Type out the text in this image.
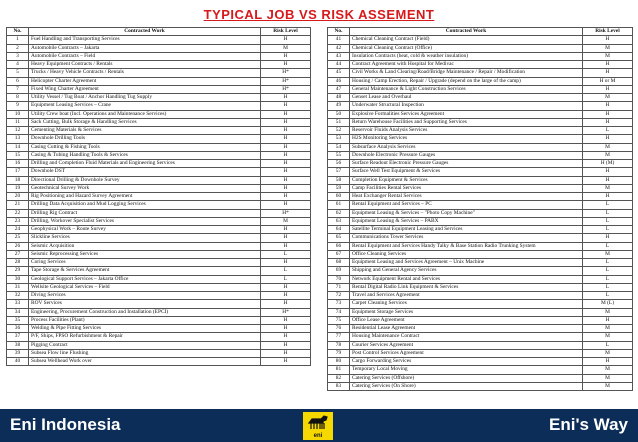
TYPICAL JOB VS RISK ASSEMENT
No.	Contracted Work	Risk Level
1	Fuel Handling and Transporting Services	H
2	Automobile Contracts – Jakarta	M
3	Automobile Contracts – Field	H
4	Heavy Equipment Contracts / Rentals	H
5	Trucks / Heavy Vehicle Contracts / Rentals	H*
6	Helicopter Charter Agreement	H*
7	Fixed Wing Charter Agreement	H*
8	Utility Vessel / Tug Boat / Anchor Handling Tug Supply	H
9	Equipment Leasing Services – Crane	H
10	Utility Crew boat (Incl. Operations and Maintenance Services)	H
11	Sack Cutting, Bulk Storage & Handling Services	H
12	Cementing Materials & Services	H
13	Downhole Drilling Tools	H
14	Casing Cutting & Fishing Tools	H
15	Casing & Tubing Handling Tools & Services	H
16	Drilling and Completion Fluid Materials and Engineering Services	H
17	Downhole DST	H
18	Directional Drilling & Downhole Survey	H
19	Geotechnical Survey Work	H
20	Rig Positioning and Hazard Survey Agreement	H
21	Drilling Data Acquisition and Mud Logging Services	H
22	Drilling Rig Contract	H*
23	Drilling, Workover Specialist Services	M
24	Geophysical Work – Route Survey	H
25	Slickline Services	H
26	Seismic Acquisition	H
27	Seismic Reprocessing Services	L
28	Coring Services	H
29	Tape Storage & Services Agreement	L
30	Geological Support Services – Jakarta Office	L
31	Wellsite Geological Services – Field	H
32	Diving Services	H
33	ROV Services	H
34	Engineering, Procurement Construction and Installation (EPCI)	H*
35	Process Facilities (Plant)	H
36	Welding & Pipe Fitting Services	H
37	P/F, Ships, FPSO Refurbishment & Repair	H
38	Pigging Contract	H
39	Subsea Flow line Flushing	H
40	Subsea Wellhead Work over	H
No.	Contracted Work	Risk Level
41	Chemical Cleaning Contract (Field)	H
42	Chemical Cleaning Contract (Office)	M
43	Insulation Contracts (heat, cold & weather insulation)	M
44	Contract Agreement with Hospital for Medivac	H
45	Civil Works & Land Clearing/Road/Bridge Maintenance / Repair / Modification	H
46	Housing / Camp Erection, Repair / Upgrade (depend on the large of the camp)	H or M
47	General Maintenance & Light Construction Services	H
48	Genset Lease and Overhaul	M
49	Underwater Structural Inspection	H
50	Explosive Formalities Services Agreement	H
51	Return Warehouse Facilities and Supporting Services	H
52	Reservoir Fluids Analysis Services	L
53	H2S Monitoring Services	H
54	Subsurface Analysis Services	M
55	Downhole Electronic Pressure Gauges	M
56	Surface Readout Electronic Pressure Gauges	H (M)
57	Surface Well Test Equipment & Services	H
58	Completion Equipment & Services	H
59	Camp Facilities Rental Services	M
60	Heat Exchanger Rental Services	H
61	Rental Equipment and Services – PC	L
62	Equipment Leasing & Services – "Photo Copy Machine"	L
63	Equipment Leasing & Services – PABX	L
64	Satellite Terminal Equipment Leasing and Services	L
65	Communications Tower Services	H
66	Rental Equipment and Services Handy Talky & Base Station Radio Trunking System	L
67	Office Cleaning Services	M
68	Equipment Leasing and Services Agreement – Unix Machine	L
69	Shipping and General Agency Services	L
70	Network Equipment Rental and Services	L
71	Rental Digital Radio Link Equipment & Services	L
72	Travel and Services Agreement	L
73	Carpet Cleaning Services	M (L)
74	Equipment Storage Services	M
75	Office Lease Agreement	H
76	Residential Lease Agreement	M
77	Housing Maintenance Contract	M
78	Courier Services Agreement	L
79	Post Control Services Agreement	M
80	Cargo Forwarding Services	H
81	Temporary Local Moving	M
82	Catering Services (Offshore)	M
83	Catering Services (On Shore)	M
Eni Indonesia	Eni's Way
eni
